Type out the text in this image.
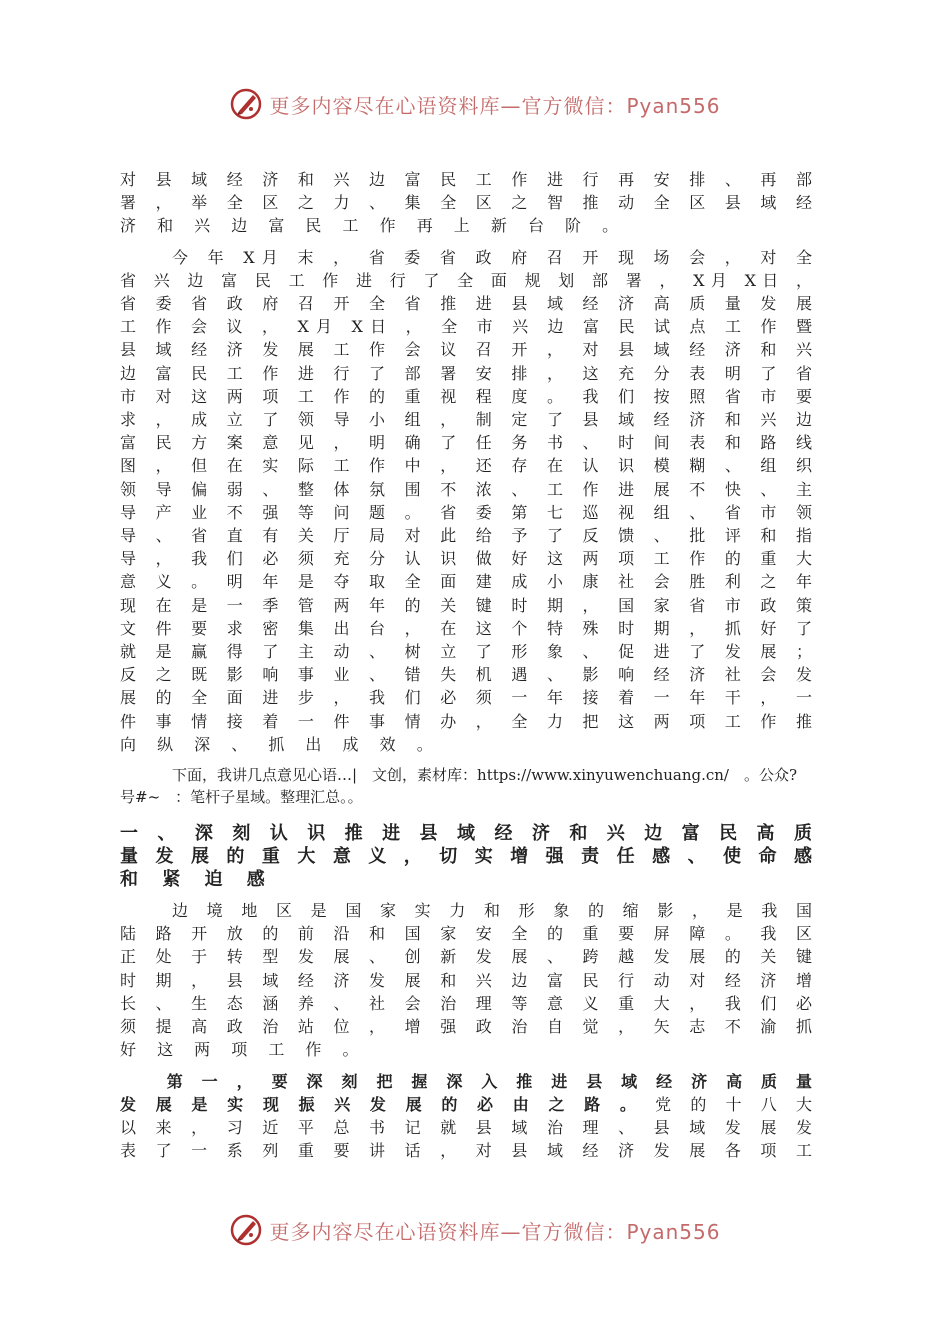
更多内容尽在心语资料库—官方微信：Pyan556
对 县 域 经 济 和 兴 边 富 民 工 作 进 行 再 安 排 、 再 部
署 ， 举 全 区 之 力 、 集 全 区 之 智 推 动 全 区 县 域 经
济 和 兴 边 富 民 工 作 再 上 新 台 阶 。
今 年 X月 末 ， 省 委 省 政 府 召 开 现 场 会 ， 对 全
省 兴 边 富 民 工 作 进 行 了 全 面 规 划 部 署 ， X月 X日 ，
省 委 省 政 府 召 开 全 省 推 进 县 域 经 济 高 质 量 发 展
工 作 会 议 ， X月 X日 ， 全 市 兴 边 富 民 试 点 工 作 暨
县 域 经 济 发 展 工 作 会 议 召 开 ， 对 县 域 经 济 和 兴
边 富 民 工 作 进 行 了 部 署 安 排 ， 这 充 分 表 明 了 省
市 对 这 两 项 工 作 的 重 视 程 度 。 我 们 按 照 省 市 要
求 ， 成 立 了 领 导 小 组 ， 制 定 了 县 域 经 济 和 兴 边
富 民 方 案 意 见 ， 明 确 了 任 务 书 、 时 间 表 和 路 线
图 ， 但 在 实 际 工 作 中 ， 还 存 在 认 识 模 糊 、 组 织
领 导 偏 弱 、 整 体 氛 围 不 浓 、 工 作 进 展 不 快 、 主
导 产 业 不 强 等 问 题 。 省 委 第 七 巡 视 组 、 省 市 领
导 、 省 直 有 关 厅 局 对 此 给 予 了 反 馈 、 批 评 和 指
导 ， 我 们 必 须 充 分 认 识 做 好 这 两 项 工 作 的 重 大
意 义 。 明 年 是 夺 取 全 面 建 成 小 康 社 会 胜 利 之 年
现 在 是 一 季 管 两 年 的 关 键 时 期 ， 国 家 省 市 政 策
文 件 要 求 密 集 出 台 ， 在 这 个 特 殊 时 期 ， 抓 好 了
就 是 赢 得 了 主 动 、 树 立 了 形 象 、 促 进 了 发 展 ；
反 之 既 影 响 事 业 、 错 失 机 遇 、 影 响 经 济 社 会 发
展 的 全 面 进 步 ， 我 们 必 须 一 年 接 着 一 年 干 ， 一
件 事 情 接 着 一 件 事 情 办 ， 全 力 把 这 两 项 工 作 推
向 纵 深 、 抓 出 成 效 。

下面，我讲几点意见心语…|　文创，素材库：https://www.xinyuwenchuang.cn/　。公众?
号#~　：笔杆子星域。整理汇总。。

一 、 深 刻 认 识 推 进 县 域 经 济 和 兴 边 富 民 高 质
量 发 展 的 重 大 意 义 ， 切 实 增 强 责 任 感 、 使 命 感
和 紧 迫 感
边 境 地 区 是 国 家 实 力 和 形 象 的 缩 影 ， 是 我 国
陆 路 开 放 的 前 沿 和 国 家 安 全 的 重 要 屏 障 。 我 区
正 处 于 转 型 发 展 、 创 新 发 展 、 跨 越 发 展 的 关 键
时 期 ， 县 域 经 济 发 展 和 兴 边 富 民 行 动 对 经 济 增
长 、 生 态 涵 养 、 社 会 治 理 等 意 义 重 大 ， 我 们 必
须 提 高 政 治 站 位 ， 增 强 政 治 自 觉 ， 矢 志 不 渝 抓
好 这 两 项 工 作 。
第 一 ， 要 深 刻 把 握 深 入 推 进 县 域 经 济 高 质 量
发 展 是 实 现 振 兴 发 展 的 必 由 之 路 。 党 的 十 八 大
以 来 ， 习 近 平 总 书 记 就 县 域 治 理 、 县 域 发 展 发
表 了 一 系 列 重 要 讲 话 ， 对 县 域 经 济 发 展 各 项 工
更多内容尽在心语资料库—官方微信：Pyan556
